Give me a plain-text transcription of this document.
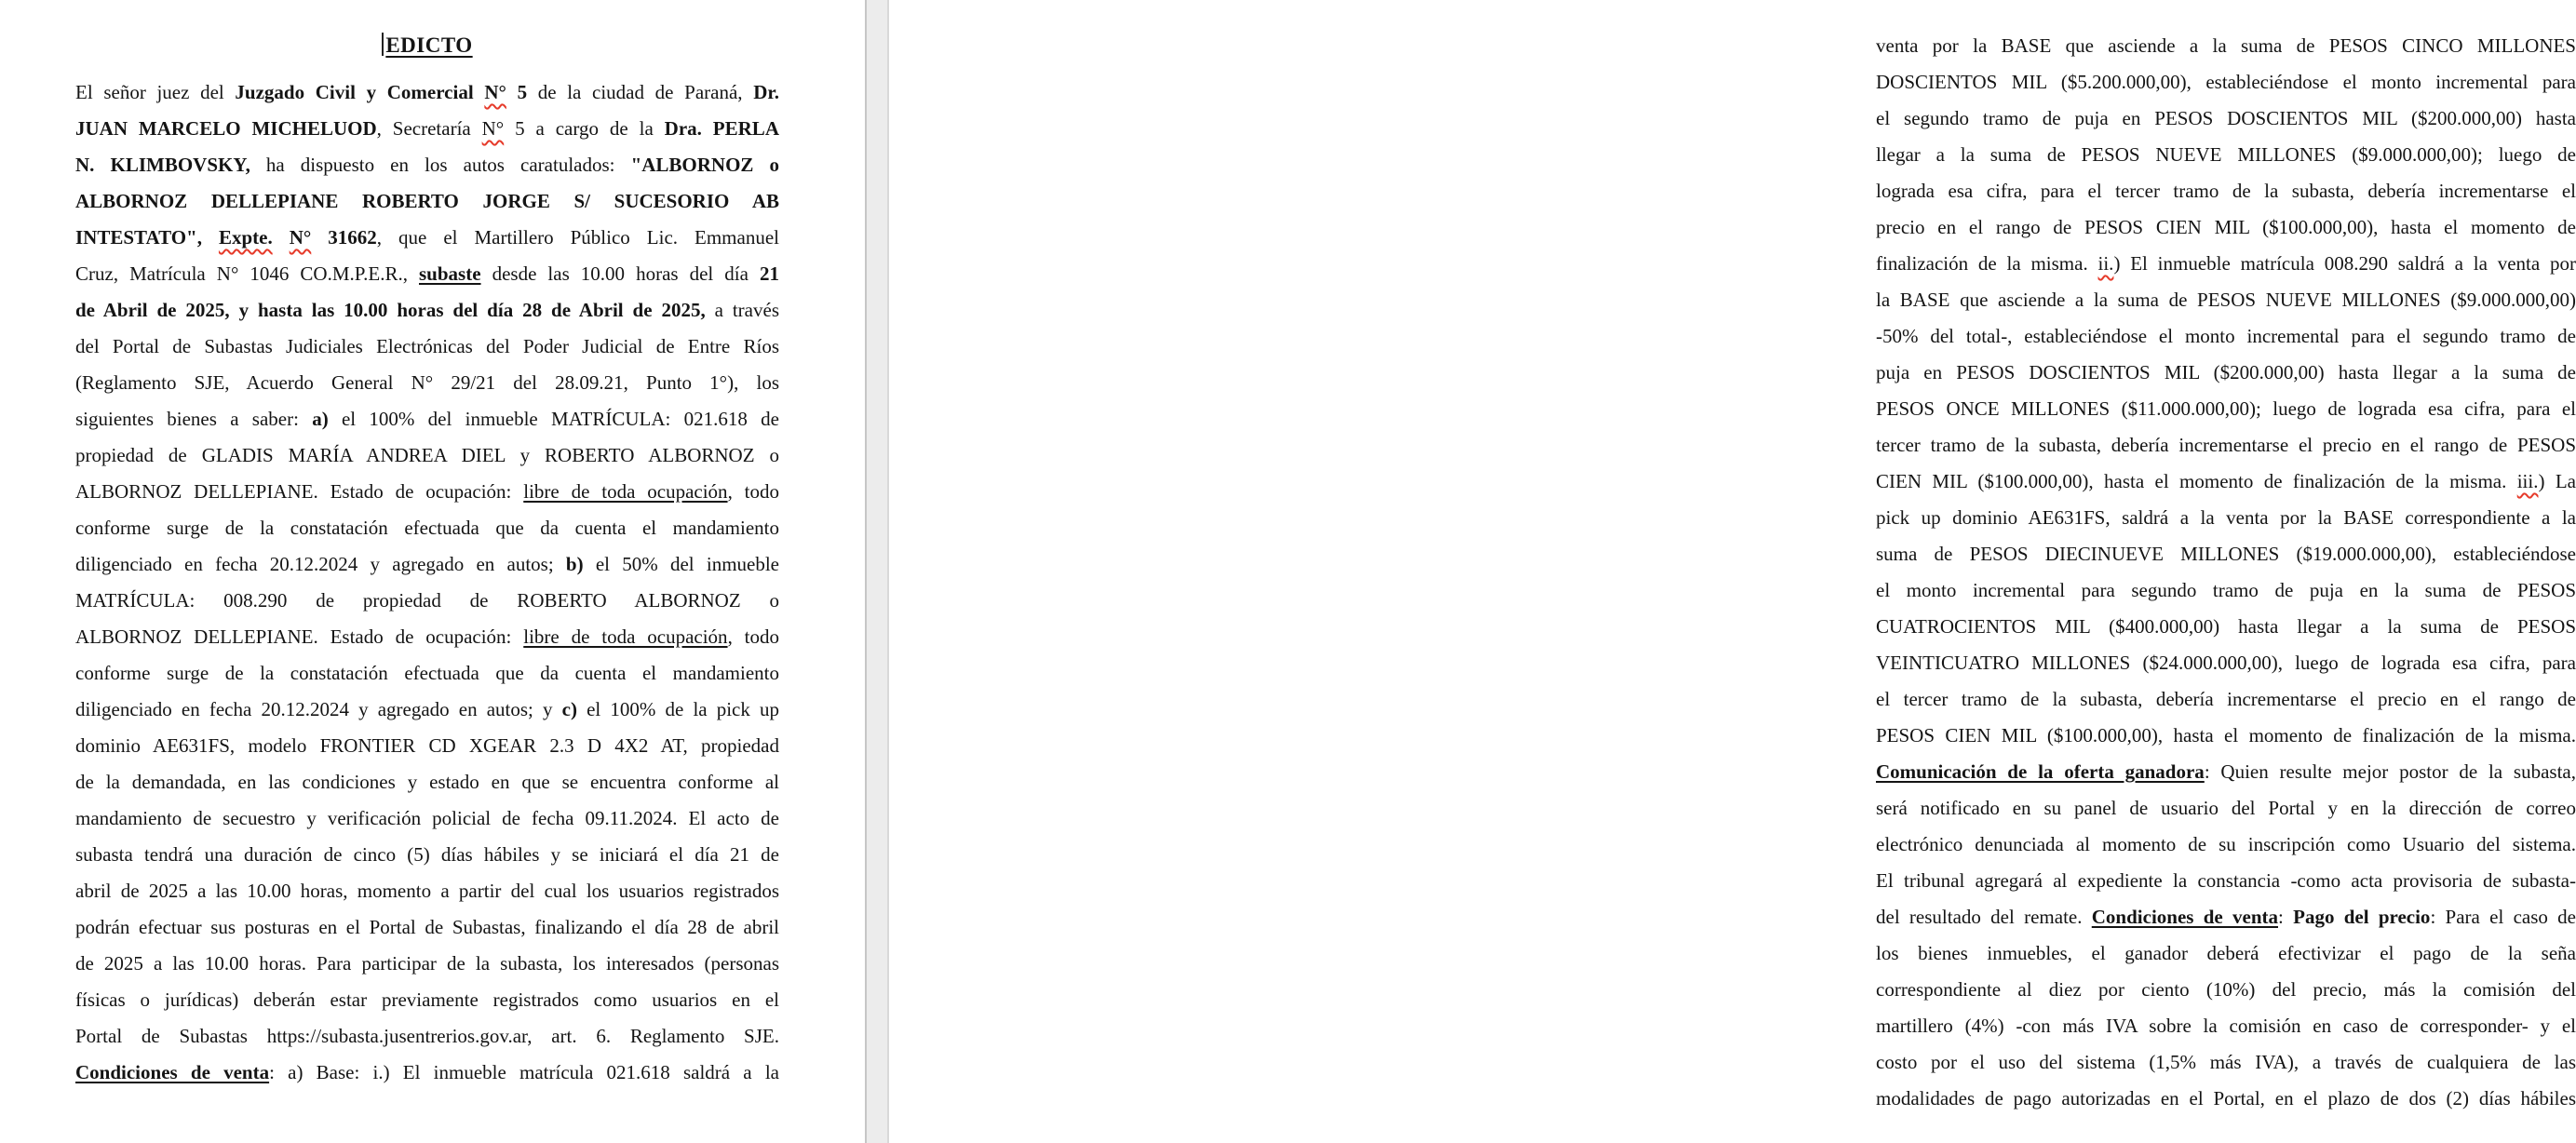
EDICTO
El señor juez del Juzgado Civil y Comercial N° 5 de la ciudad de Paraná, Dr.
JUAN MARCELO MICHELUOD, Secretaría N° 5 a cargo de la Dra. PERLA
N. KLIMBOVSKY, ha dispuesto en los autos caratulados: "ALBORNOZ o
ALBORNOZ DELLEPIANE ROBERTO JORGE S/ SUCESORIO AB
INTESTATO", Expte. N° 31662, que el Martillero Público Lic. Emmanuel
Cruz, Matrícula N° 1046 CO.M.P.E.R., subaste desde las 10.00 horas del día 21
de Abril de 2025, y hasta las 10.00 horas del día 28 de Abril de 2025, a través
del Portal de Subastas Judiciales Electrónicas del Poder Judicial de Entre Ríos
(Reglamento SJE, Acuerdo General N° 29/21 del 28.09.21, Punto 1°), los
siguientes bienes a saber: a) el 100% del inmueble MATRÍCULA: 021.618 de
propiedad de GLADIS MARÍA ANDREA DIEL y ROBERTO ALBORNOZ o
ALBORNOZ DELLEPIANE. Estado de ocupación: libre de toda ocupación, todo
conforme surge de la constatación efectuada que da cuenta el mandamiento
diligenciado en fecha 20.12.2024 y agregado en autos; b) el 50% del inmueble
MATRÍCULA: 008.290 de propiedad de ROBERTO ALBORNOZ o
ALBORNOZ DELLEPIANE. Estado de ocupación: libre de toda ocupación, todo
conforme surge de la constatación efectuada que da cuenta el mandamiento
diligenciado en fecha 20.12.2024 y agregado en autos; y c) el 100% de la pick up
dominio AE631FS, modelo FRONTIER CD XGEAR 2.3 D 4X2 AT, propiedad
de la demandada, en las condiciones y estado en que se encuentra conforme al
mandamiento de secuestro y verificación policial de fecha 09.11.2024. El acto de
subasta tendrá una duración de cinco (5) días hábiles y se iniciará el día 21 de
abril de 2025 a las 10.00 horas, momento a partir del cual los usuarios registrados
podrán efectuar sus posturas en el Portal de Subastas, finalizando el día 28 de abril
de 2025 a las 10.00 horas. Para participar de la subasta, los interesados (personas
físicas o jurídicas) deberán estar previamente registrados como usuarios en el
Portal de Subastas https://subasta.jusentrerios.gov.ar, art. 6. Reglamento SJE.
Condiciones de venta: a) Base: i.) El inmueble matrícula 021.618 saldrá a la
venta por la BASE que asciende a la suma de PESOS CINCO MILLONES
DOSCIENTOS MIL ($5.200.000,00), estableciéndose el monto incremental para
el segundo tramo de puja en PESOS DOSCIENTOS MIL ($200.000,00) hasta
llegar a la suma de PESOS NUEVE MILLONES ($9.000.000,00); luego de
lograda esa cifra, para el tercer tramo de la subasta, debería incrementarse el
precio en el rango de PESOS CIEN MIL ($100.000,00), hasta el momento de
finalización de la misma. ii.) El inmueble matrícula 008.290 saldrá a la venta por
la BASE que asciende a la suma de PESOS NUEVE MILLONES ($9.000.000,00)
-50% del total-, estableciéndose el monto incremental para el segundo tramo de
puja en PESOS DOSCIENTOS MIL ($200.000,00) hasta llegar a la suma de
PESOS ONCE MILLONES ($11.000.000,00); luego de lograda esa cifra, para el
tercer tramo de la subasta, debería incrementarse el precio en el rango de PESOS
CIEN MIL ($100.000,00), hasta el momento de finalización de la misma. iii.) La
pick up dominio AE631FS, saldrá a la venta por la BASE correspondiente a la
suma de PESOS DIECINUEVE MILLONES ($19.000.000,00), estableciéndose
el monto incremental para segundo tramo de puja en la suma de PESOS
CUATROCIENTOS MIL ($400.000,00) hasta llegar a la suma de PESOS
VEINTICUATRO MILLONES ($24.000.000,00), luego de lograda esa cifra, para
el tercer tramo de la subasta, debería incrementarse el precio en el rango de
PESOS CIEN MIL ($100.000,00), hasta el momento de finalización de la misma.
Comunicación de la oferta ganadora: Quien resulte mejor postor de la subasta,
será notificado en su panel de usuario del Portal y en la dirección de correo
electrónico denunciada al momento de su inscripción como Usuario del sistema.
El tribunal agregará al expediente la constancia -como acta provisoria de subasta-
del resultado del remate. Condiciones de venta: Pago del precio: Para el caso de
los bienes inmuebles, el ganador deberá efectivizar el pago de la seña
correspondiente al diez por ciento (10%) del precio, más la comisión del
martillero (4%) -con más IVA sobre la comisión en caso de corresponder- y el
costo por el uso del sistema (1,5% más IVA), a través de cualquiera de las
modalidades de pago autorizadas en el Portal, en el plazo de dos (2) días hábiles
